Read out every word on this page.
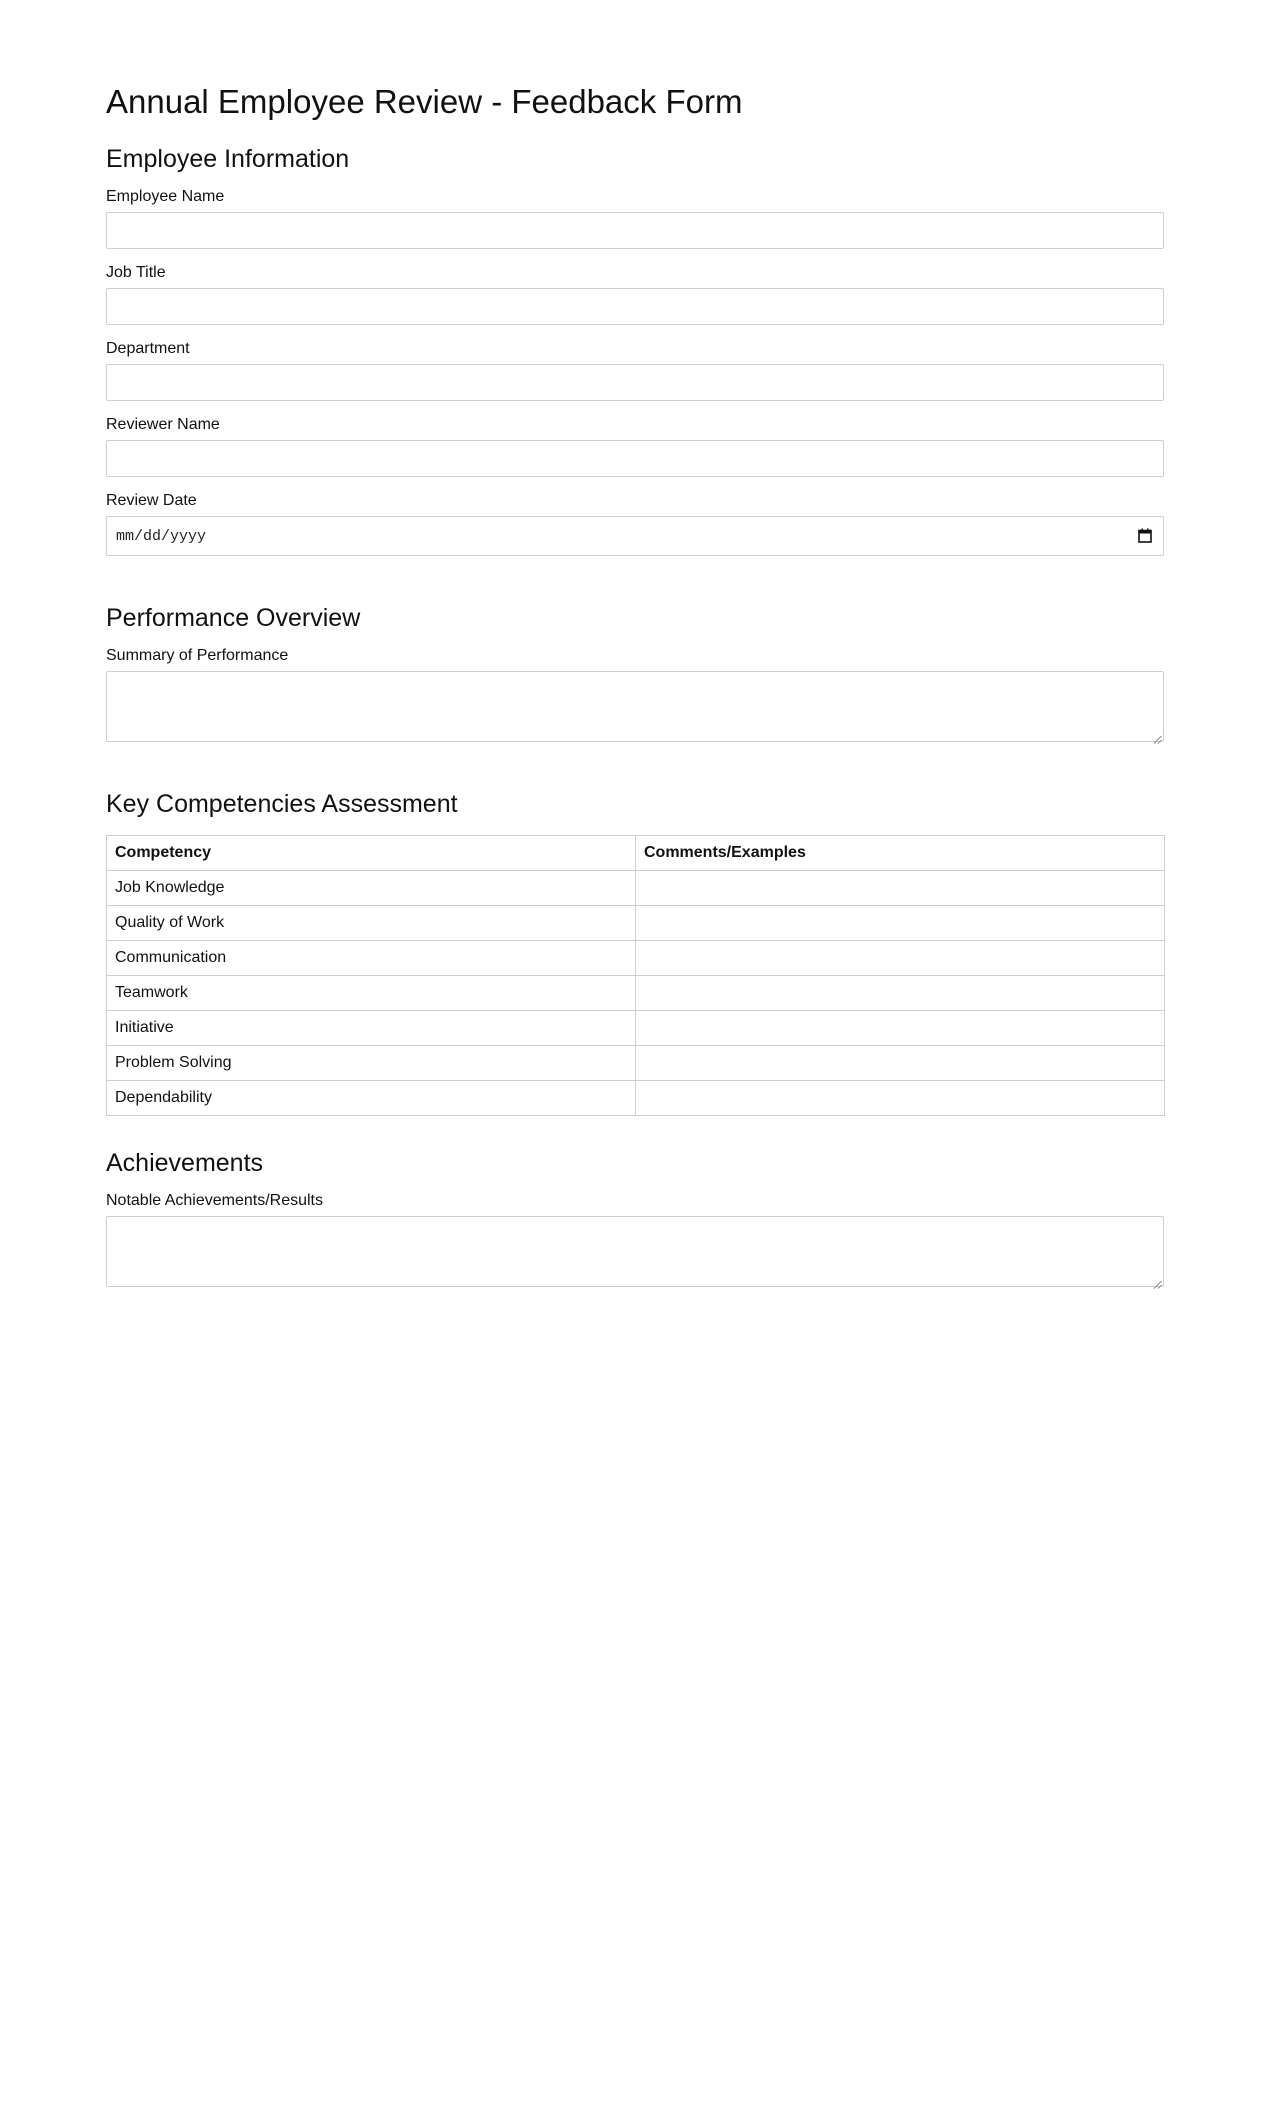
Annual Employee Review - Feedback Form
Employee Information
Employee Name
Job Title
Department
Reviewer Name
Review Date
mm/dd/yyyy
Performance Overview
Summary of Performance
Key Competencies Assessment
Competency	Comments/Examples
Job Knowledge	
Quality of Work	
Communication	
Teamwork	
Initiative	
Problem Solving	
Dependability	
Achievements
Notable Achievements/Results
